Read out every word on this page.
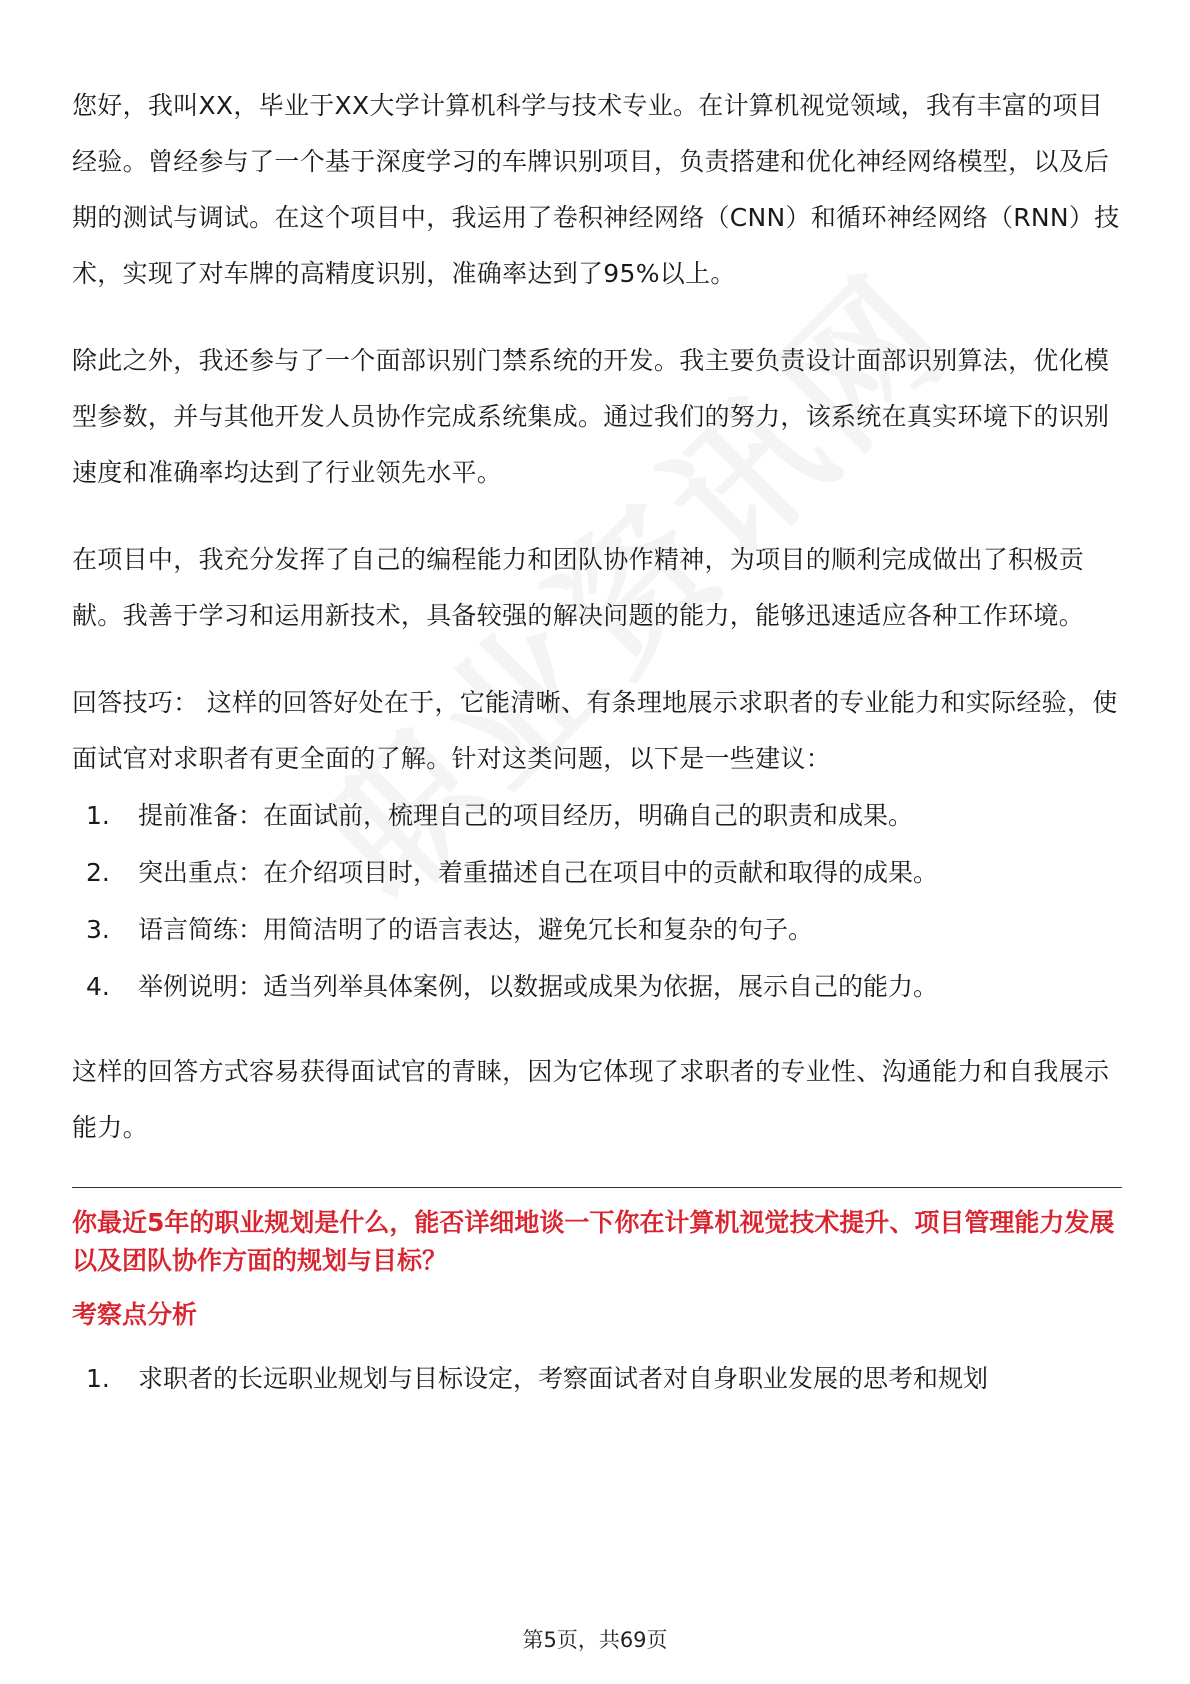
您好，我叫XX，毕业于XX大学计算机科学与技术专业。在计算机视觉领域，我有丰富的项目经验。曾经参与了一个基于深度学习的车牌识别项目，负责搭建和优化神经网络模型，以及后期的测试与调试。在这个项目中，我运用了卷积神经网络（CNN）和循环神经网络（RNN）技术，实现了对车牌的高精度识别，准确率达到了95%以上。

除此之外，我还参与了一个面部识别门禁系统的开发。我主要负责设计面部识别算法，优化模型参数，并与其他开发人员协作完成系统集成。通过我们的努力，该系统在真实环境下的识别速度和准确率均达到了行业领先水平。

在项目中，我充分发挥了自己的编程能力和团队协作精神，为项目的顺利完成做出了积极贡献。我善于学习和运用新技术，具备较强的解决问题的能力，能够迅速适应各种工作环境。

回答技巧： 这样的回答好处在于，它能清晰、有条理地展示求职者的专业能力和实际经验，使面试官对求职者有更全面的了解。针对这类问题，以下是一些建议：

1.	提前准备：在面试前，梳理自己的项目经历，明确自己的职责和成果。
2.	突出重点：在介绍项目时，着重描述自己在项目中的贡献和取得的成果。
3.	语言简练：用简洁明了的语言表达，避免冗长和复杂的句子。
4.	举例说明：适当列举具体案例，以数据或成果为依据，展示自己的能力。

这样的回答方式容易获得面试官的青睐，因为它体现了求职者的专业性、沟通能力和自我展示能力。

你最近5年的职业规划是什么，能否详细地谈一下你在计算机视觉技术提升、项目管理能力发展以及团队协作方面的规划与目标？

考察点分析

1.	求职者的长远职业规划与目标设定，考察面试者对自身职业发展的思考和规划
第5页，共69页
